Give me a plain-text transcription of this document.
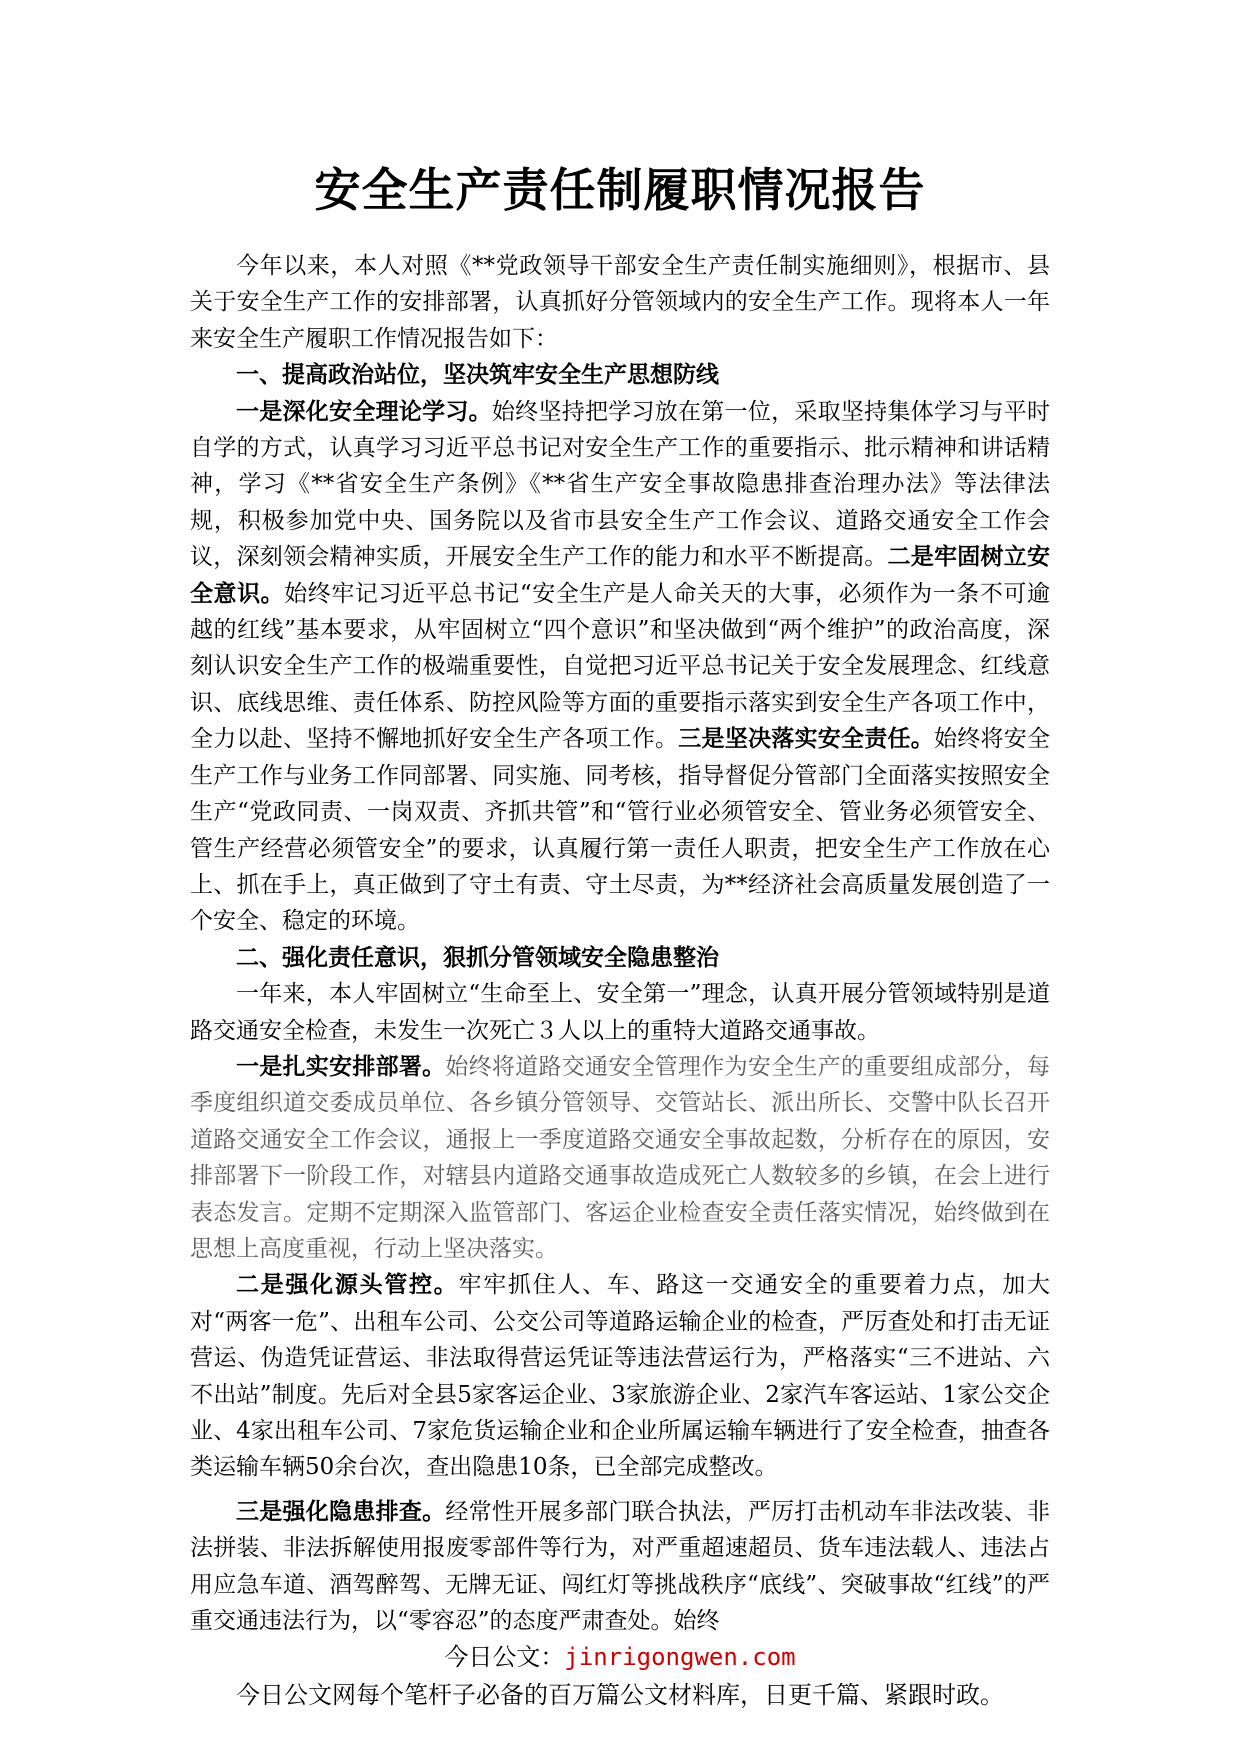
安全生产责任制履职情况报告

今年以来，本人对照《**党政领导干部安全生产责任制实施细则》，根据市、县关于安全生产工作的安排部署，认真抓好分管领域内的安全生产工作。现将本人一年来安全生产履职工作情况报告如下：

一、提高政治站位，坚决筑牢安全生产思想防线

一是深化安全理论学习。始终坚持把学习放在第一位，采取坚持集体学习与平时自学的方式，认真学习习近平总书记对安全生产工作的重要指示、批示精神和讲话精神，学习《**省安全生产条例》《**省生产安全事故隐患排查治理办法》等法律法规，积极参加党中央、国务院以及省市县安全生产工作会议、道路交通安全工作会议，深刻领会精神实质，开展安全生产工作的能力和水平不断提高。二是牢固树立安全意识。始终牢记习近平总书记“安全生产是人命关天的大事，必须作为一条不可逾越的红线”基本要求，从牢固树立“四个意识”和坚决做到“两个维护”的政治高度，深刻认识安全生产工作的极端重要性，自觉把习近平总书记关于安全发展理念、红线意识、底线思维、责任体系、防控风险等方面的重要指示落实到安全生产各项工作中，全力以赴、坚持不懈地抓好安全生产各项工作。三是坚决落实安全责任。始终将安全生产工作与业务工作同部署、同实施、同考核，指导督促分管部门全面落实按照安全生产“党政同责、一岗双责、齐抓共管”和“管行业必须管安全、管业务必须管安全、管生产经营必须管安全”的要求，认真履行第一责任人职责，把安全生产工作放在心上、抓在手上，真正做到了守土有责、守土尽责，为**经济社会高质量发展创造了一个安全、稳定的环境。

二、强化责任意识，狠抓分管领域安全隐患整治

一年来，本人牢固树立“生命至上、安全第一”理念，认真开展分管领域特别是道路交通安全检查，未发生一次死亡３人以上的重特大道路交通事故。

一是扎实安排部署。始终将道路交通安全管理作为安全生产的重要组成部分，每季度组织道交委成员单位、各乡镇分管领导、交管站长、派出所长、交警中队长召开道路交通安全工作会议，通报上一季度道路交通安全事故起数，分析存在的原因，安排部署下一阶段工作，对辖县内道路交通事故造成死亡人数较多的乡镇，在会上进行表态发言。定期不定期深入监管部门、客运企业检查安全责任落实情况，始终做到在思想上高度重视，行动上坚决落实。

二是强化源头管控。牢牢抓住人、车、路这一交通安全的重要着力点，加大对“两客一危”、出租车公司、公交公司等道路运输企业的检查，严厉查处和打击无证营运、伪造凭证营运、非法取得营运凭证等违法营运行为，严格落实“三不进站、六不出站”制度。先后对全县5家客运企业、3家旅游企业、2家汽车客运站、1家公交企业、4家出租车公司、7家危货运输企业和企业所属运输车辆进行了安全检查，抽查各类运输车辆50余台次，查出隐患10条，已全部完成整改。

三是强化隐患排查。经常性开展多部门联合执法，严厉打击机动车非法改装、非法拼装、非法拆解使用报废零部件等行为，对严重超速超员、货车违法载人、违法占用应急车道、酒驾醉驾、无牌无证、闯红灯等挑战秩序“底线”、突破事故“红线”的严重交通违法行为，以“零容忍”的态度严肃查处。始终

今日公文：jinrigongwen.com
今日公文网每个笔杆子必备的百万篇公文材料库，日更千篇、紧跟时政。
